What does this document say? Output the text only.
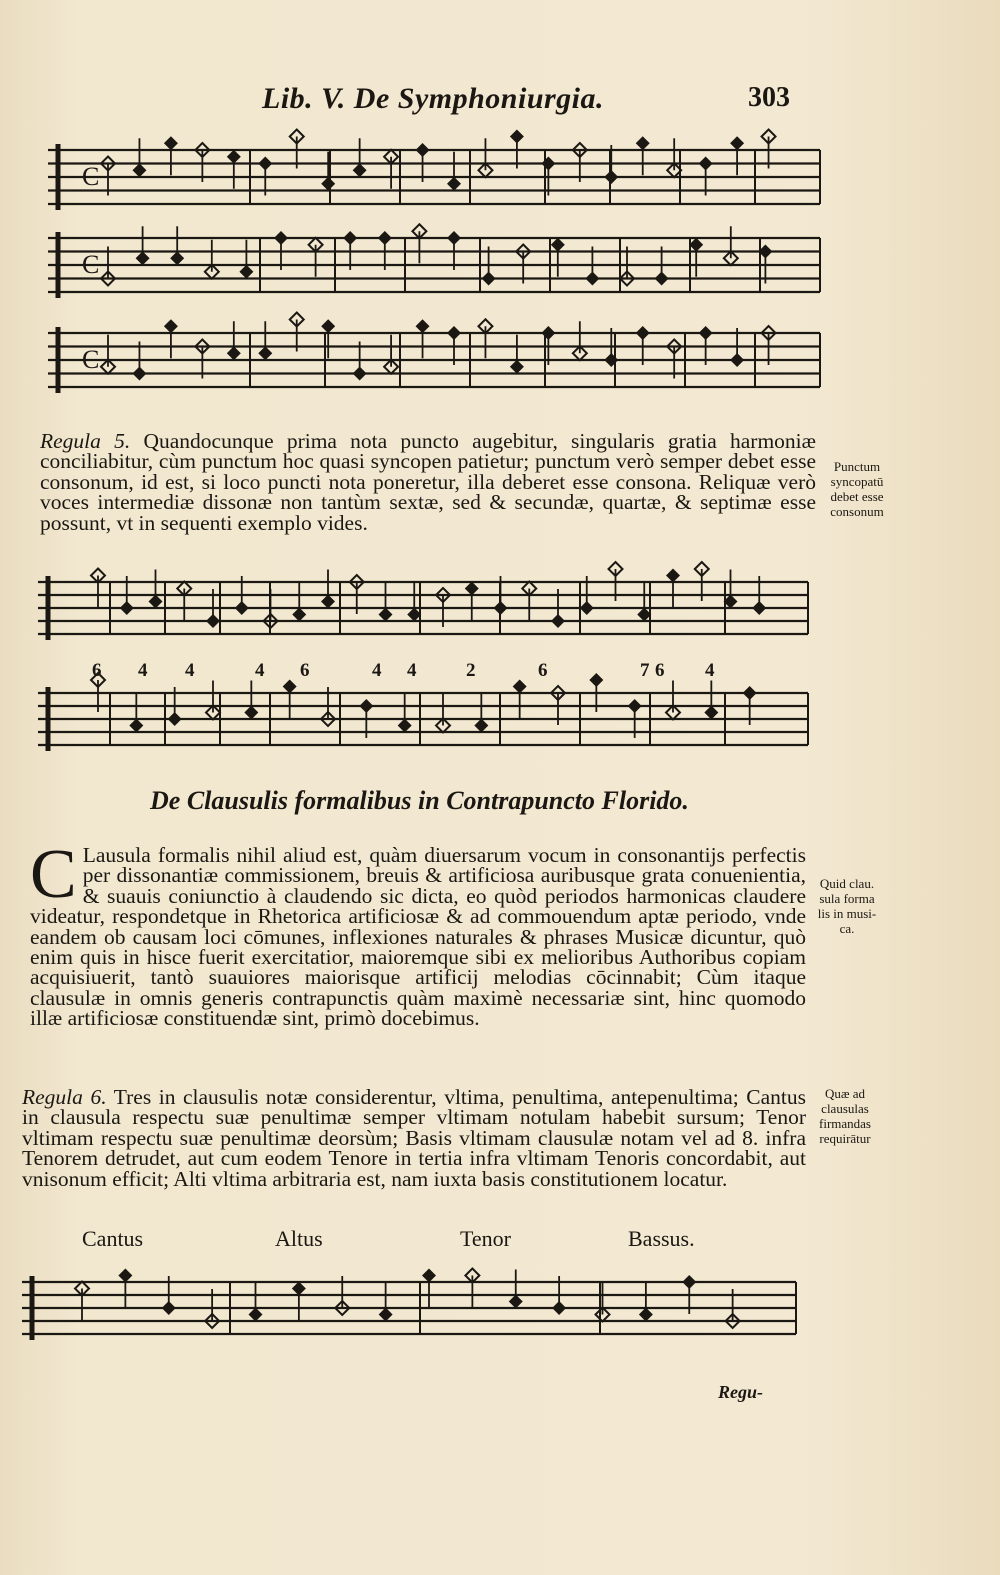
Lib. V. De Symphoniurgia.	303
C
C
C
6 4 4	4 6	4 4	2	6	7 6 4
Regula 5. Quandocunque prima nota puncto augebitur, singularis gratia harmoniæ conciliabitur, cùm punctum hoc quasi syncopen patietur; punctum verò semper debet esse consonum, id est, si loco puncti nota poneretur, illa deberet esse consona. Reliquæ verò voces intermediæ dissonæ non tantùm sextæ, sed & secundæ, quartæ, & septimæ esse possunt, vt in sequenti exemplo vides.
Punctum
syncopatū
debet esse
consonum
De Clausulis formalibus in Contrapuncto Florido.
C Lausula formalis nihil aliud est, quàm diuersarum vocum in consonantijs perfectis per dissonantiæ commissionem, breuis & artificiosa auribusque grata conuenientia, & suauis coniunctio à claudendo sic dicta, eo quòd periodos harmonicas claudere videatur, respondetque in Rhetorica artificiosæ & ad commouendum aptæ periodo, vnde eandem ob causam loci cōmunes, inflexiones naturales & phrases Musicæ dicuntur, quò enim quis in hisce fuerit exercitatior, maioremque sibi ex melioribus Authoribus copiam acquisiuerit, tantò suauiores maiorisque artificij melodias cōcinnabit; Cùm itaque clausulæ in omnis generis contrapunctis quàm maximè necessariæ sint, hinc quomodo illæ artificiosæ constituendæ sint, primò docebimus.
Quid clau.
sula forma
lis in musi-
ca.
Regula 6. Tres in clausulis notæ considerentur, vltima, penultima, antepenultima; Cantus in clausula respectu suæ penultimæ semper vltimam notulam habebit sursum; Tenor vltimam respectu suæ penultimæ deorsùm; Basis vltimam clausulæ notam vel ad 8. infra Tenorem detrudet, aut cum eodem Tenore in tertia infra vltimam Tenoris concordabit, aut vnisonum efficit; Alti vltima arbitraria est, nam iuxta basis constitutionem locatur.
Quæ ad
clausulas
firmandas
requirātur
Cantus	Altus	Tenor	Bassus.
Regu-
